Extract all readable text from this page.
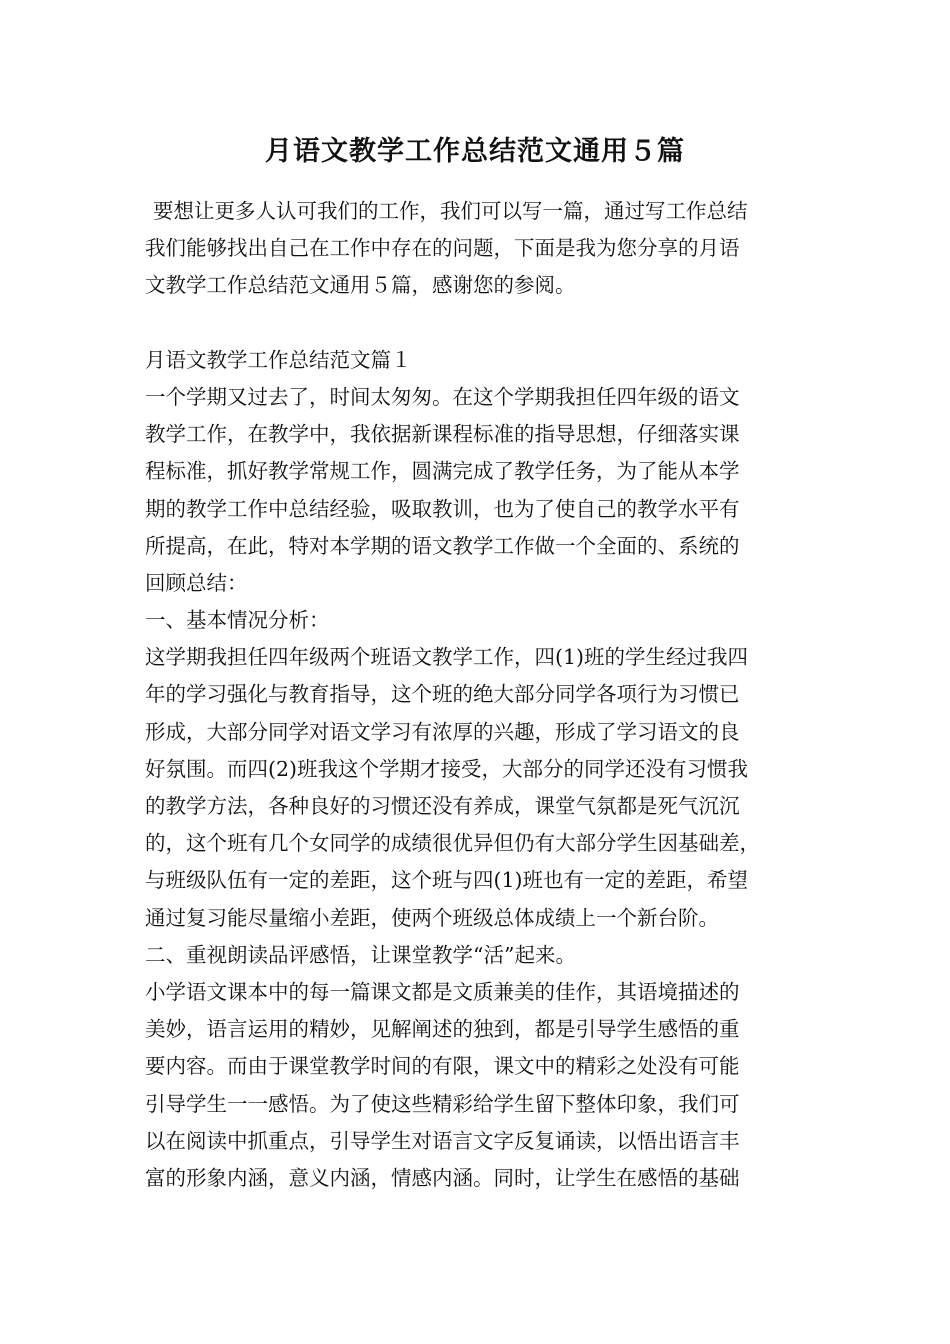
月语文教学工作总结范文通用５篇
要想让更多人认可我们的工作，我们可以写一篇，通过写工作总结
我们能够找出自己在工作中存在的问题，下面是我为您分享的月语
文教学工作总结范文通用５篇，感谢您的参阅。
月语文教学工作总结范文篇１
一个学期又过去了，时间太匆匆。在这个学期我担任四年级的语文
教学工作，在教学中，我依据新课程标准的指导思想，仔细落实课
程标准，抓好教学常规工作，圆满完成了教学任务，为了能从本学
期的教学工作中总结经验，吸取教训，也为了使自己的教学水平有
所提高，在此，特对本学期的语文教学工作做一个全面的、系统的
回顾总结：
一、基本情况分析：
这学期我担任四年级两个班语文教学工作，四(1)班的学生经过我四
年的学习强化与教育指导，这个班的绝大部分同学各项行为习惯已
形成，大部分同学对语文学习有浓厚的兴趣，形成了学习语文的良
好氛围。而四(2)班我这个学期才接受，大部分的同学还没有习惯我
的教学方法，各种良好的习惯还没有养成，课堂气氛都是死气沉沉
的，这个班有几个女同学的成绩很优异但仍有大部分学生因基础差，
与班级队伍有一定的差距，这个班与四(1)班也有一定的差距，希望
通过复习能尽量缩小差距，使两个班级总体成绩上一个新台阶。
二、重视朗读品评感悟，让课堂教学“活”起来。
小学语文课本中的每一篇课文都是文质兼美的佳作，其语境描述的
美妙，语言运用的精妙，见解阐述的独到，都是引导学生感悟的重
要内容。而由于课堂教学时间的有限，课文中的精彩之处没有可能
引导学生一一感悟。为了使这些精彩给学生留下整体印象，我们可
以在阅读中抓重点，引导学生对语言文字反复诵读，以悟出语言丰
富的形象内涵，意义内涵，情感内涵。同时，让学生在感悟的基础
